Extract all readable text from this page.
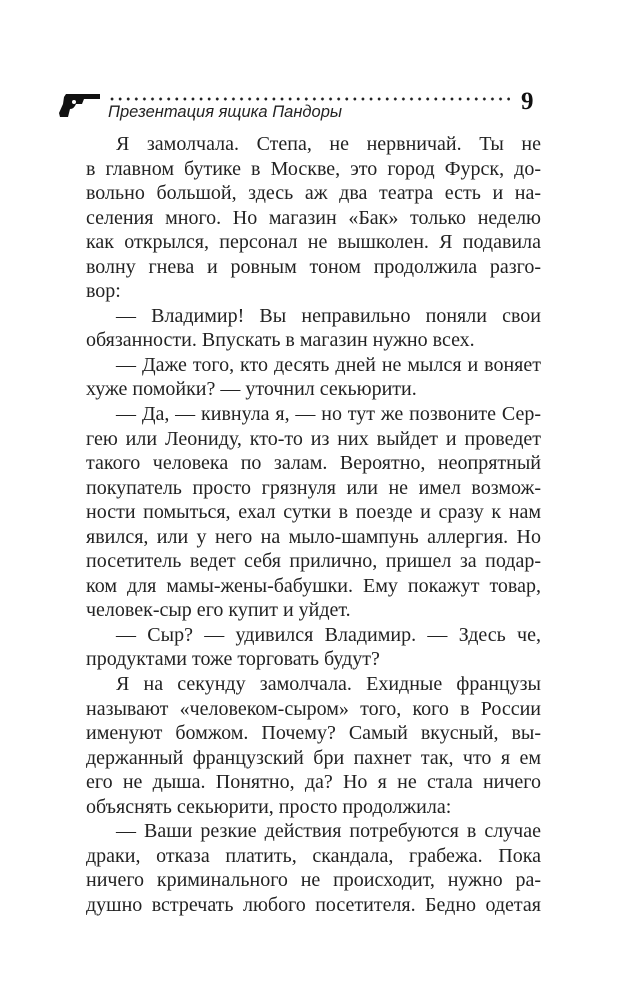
Презентация ящика Пандоры	9
Я замолчала. Степа, не нервничай. Ты не
в главном бутике в Москве, это город Фурск, до-
вольно большой, здесь аж два театра есть и на-
селения много. Но магазин «Бак» только неделю
как открылся, персонал не вышколен. Я подавила
волну гнева и ровным тоном продолжила разго-
вор:
— Владимир! Вы неправильно поняли свои
обязанности. Впускать в магазин нужно всех.
— Даже того, кто десять дней не мылся и воняет
хуже помойки? — уточнил секьюрити.
— Да, — кивнула я, — но тут же позвоните Сер-
гею или Леониду, кто-то из них выйдет и проведет
такого человека по залам. Вероятно, неопрятный
покупатель просто грязнуля или не имел возмож-
ности помыться, ехал сутки в поезде и сразу к нам
явился, или у него на мыло-шампунь аллергия. Но
посетитель ведет себя прилично, пришел за подар-
ком для мамы-жены-бабушки. Ему покажут товар,
человек-сыр его купит и уйдет.
— Сыр? — удивился Владимир. — Здесь че,
продуктами тоже торговать будут?
Я на секунду замолчала. Ехидные французы
называют «человеком-сыром» того, кого в России
именуют бомжом. Почему? Самый вкусный, вы-
держанный французский бри пахнет так, что я ем
его не дыша. Понятно, да? Но я не стала ничего
объяснять секьюрити, просто продолжила:
— Ваши резкие действия потребуются в случае
драки, отказа платить, скандала, грабежа. Пока
ничего криминального не происходит, нужно ра-
душно встречать любого посетителя. Бедно одетая
